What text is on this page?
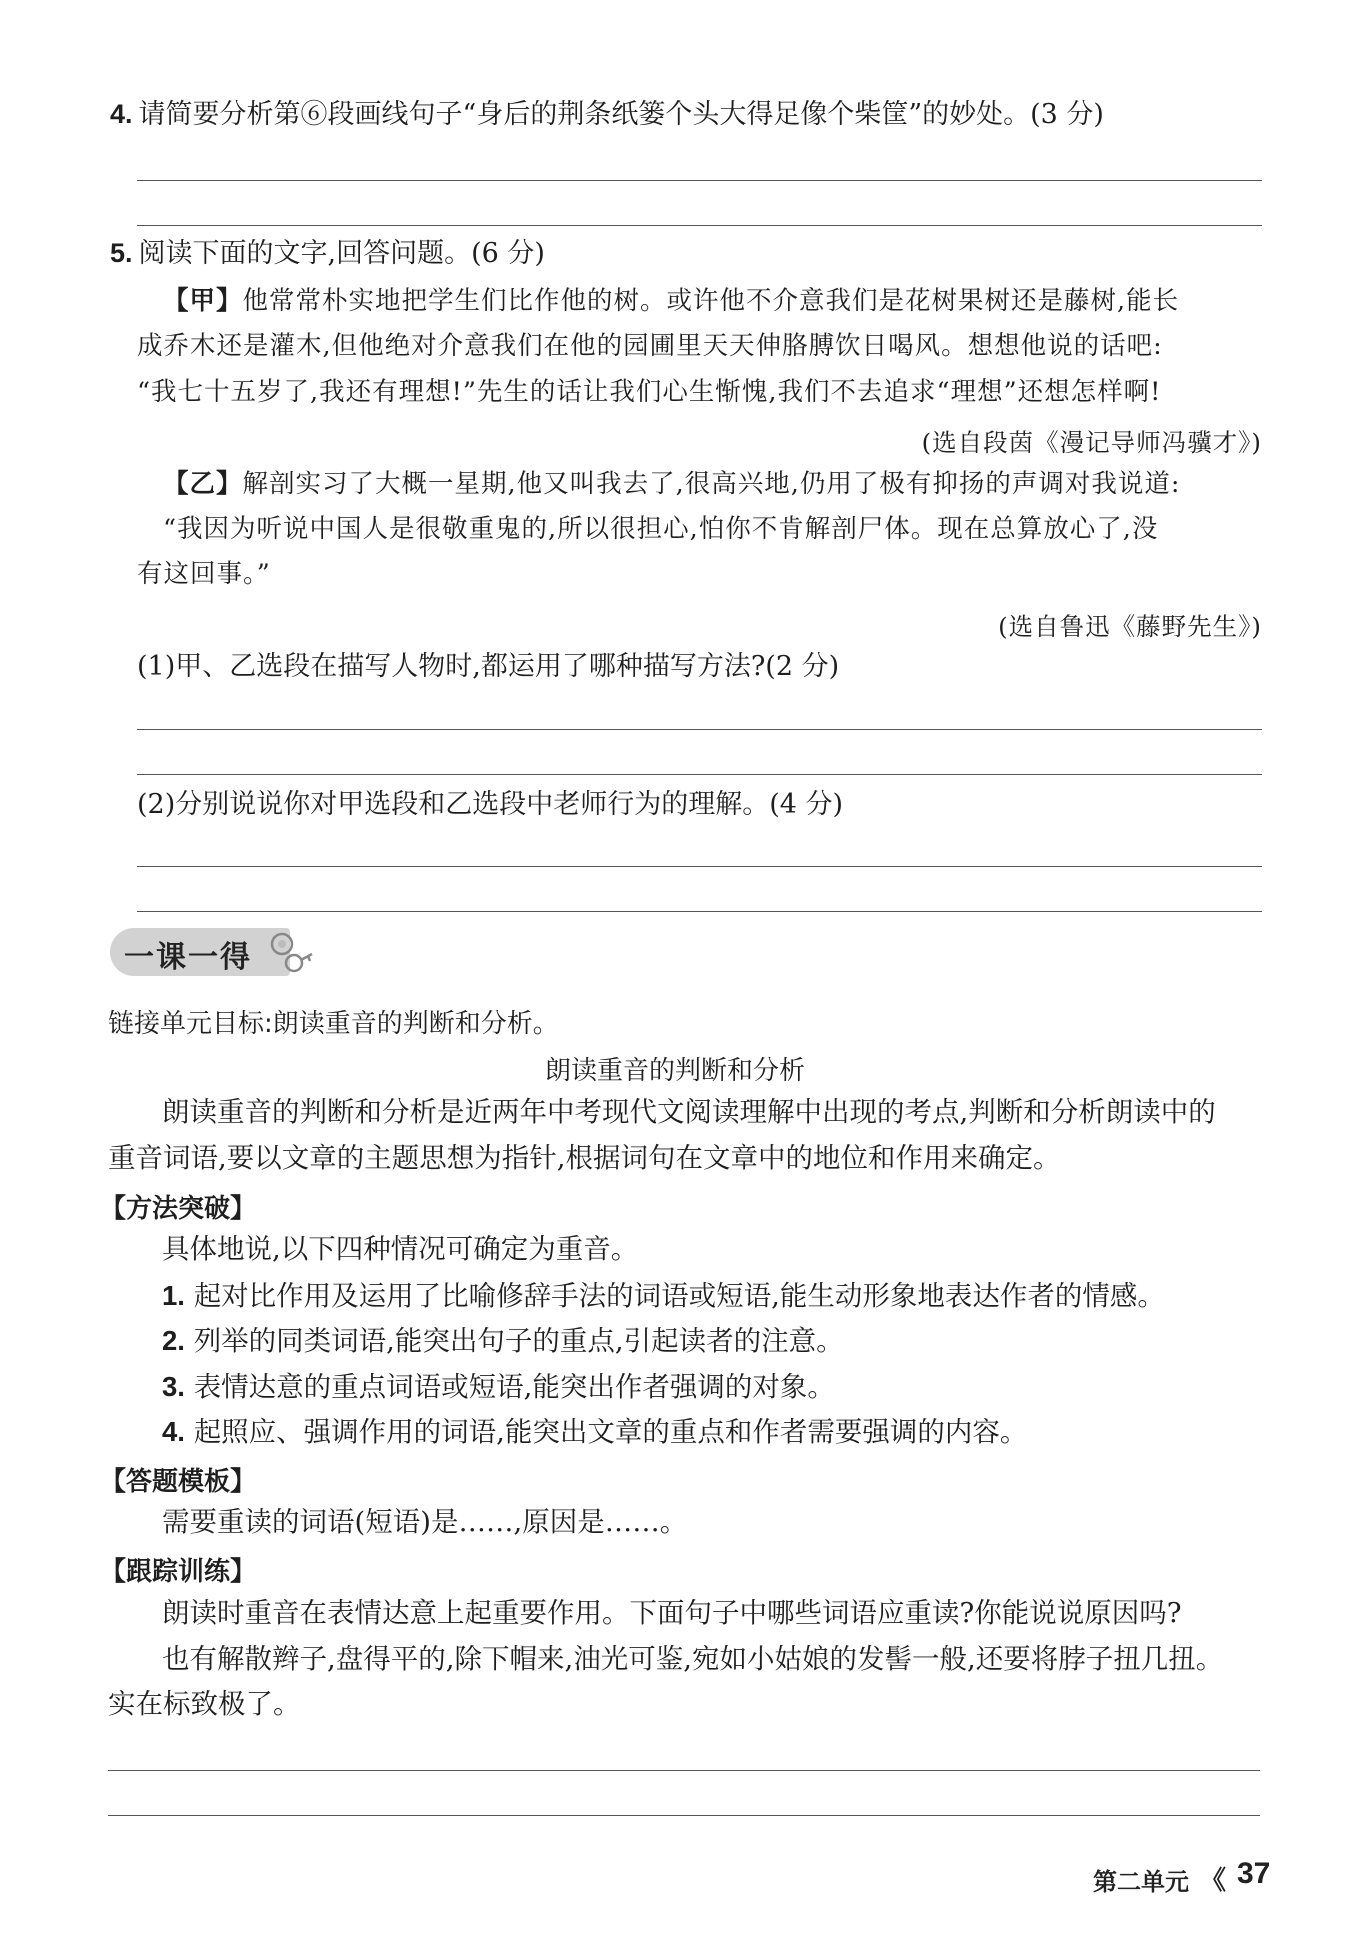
4. 请简要分析第⑥段画线句子“身后的荆条纸篓个头大得足像个柴筐”的妙处。(3 分)
5. 阅读下面的文字,回答问题。(6 分)
【甲】他常常朴实地把学生们比作他的树。或许他不介意我们是花树果树还是藤树,能长
成乔木还是灌木,但他绝对介意我们在他的园圃里天天伸胳膊饮日喝风。想想他说的话吧:
“我七十五岁了,我还有理想!”先生的话让我们心生惭愧,我们不去追求“理想”还想怎样啊!
(选自段茵《漫记导师冯骥才》)
【乙】解剖实习了大概一星期,他又叫我去了,很高兴地,仍用了极有抑扬的声调对我说道:
“我因为听说中国人是很敬重鬼的,所以很担心,怕你不肯解剖尸体。现在总算放心了,没
有这回事。”
(选自鲁迅《藤野先生》)
(1)甲、乙选段在描写人物时,都运用了哪种描写方法?(2 分)
(2)分别说说你对甲选段和乙选段中老师行为的理解。(4 分)
一课一得
链接单元目标:朗读重音的判断和分析。
朗读重音的判断和分析
朗读重音的判断和分析是近两年中考现代文阅读理解中出现的考点,判断和分析朗读中的
重音词语,要以文章的主题思想为指针,根据词句在文章中的地位和作用来确定。
【方法突破】
具体地说,以下四种情况可确定为重音。
1. 起对比作用及运用了比喻修辞手法的词语或短语,能生动形象地表达作者的情感。
2. 列举的同类词语,能突出句子的重点,引起读者的注意。
3. 表情达意的重点词语或短语,能突出作者强调的对象。
4. 起照应、强调作用的词语,能突出文章的重点和作者需要强调的内容。
【答题模板】
需要重读的词语(短语)是……,原因是……。
【跟踪训练】
朗读时重音在表情达意上起重要作用。下面句子中哪些词语应重读?你能说说原因吗?
也有解散辫子,盘得平的,除下帽来,油光可鉴,宛如小姑娘的发髻一般,还要将脖子扭几扭。
实在标致极了。
第二单元 《 37
